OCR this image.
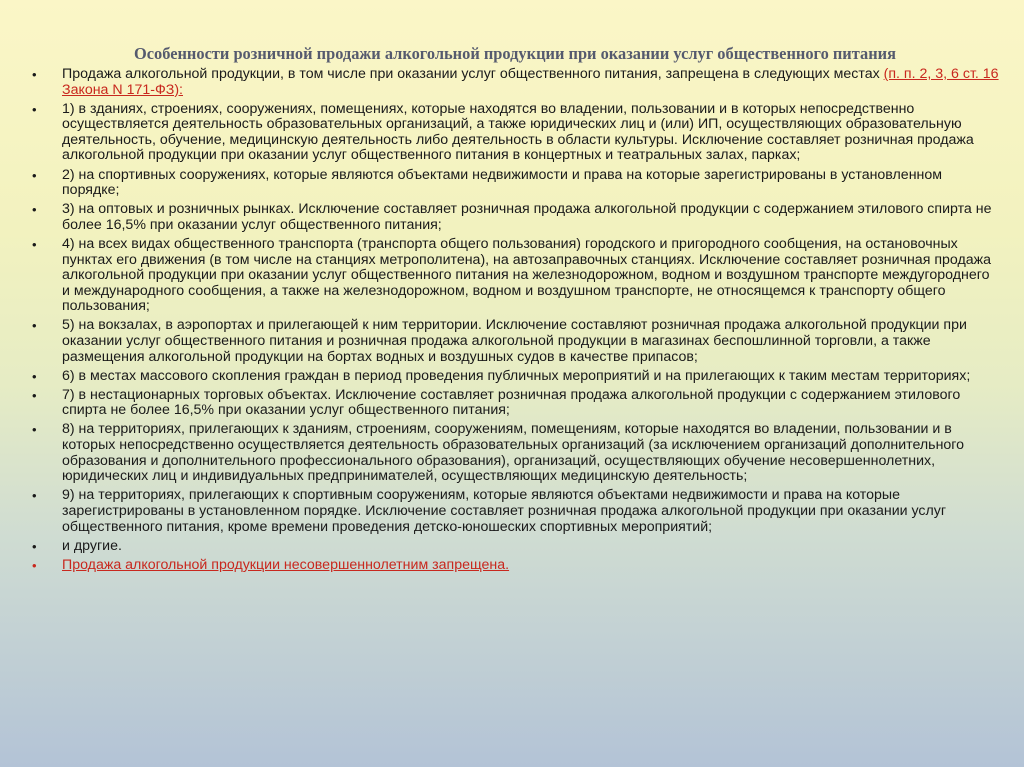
Особенности розничной продажи алкогольной продукции при оказании услуг общественного питания
• Продажа алкогольной продукции, в том числе при оказании услуг общественного питания, запрещена в следующих местах (п. п. 2, 3, 6 ст. 16 Закона N 171-ФЗ):
• 1) в зданиях, строениях, сооружениях, помещениях, которые находятся во владении, пользовании и в которых непосредственно осуществляется деятельность образовательных организаций, а также юридических лиц и (или) ИП, осуществляющих образовательную деятельность, обучение, медицинскую деятельность либо деятельность в области культуры. Исключение составляет розничная продажа алкогольной продукции при оказании услуг общественного питания в концертных и театральных залах, парках;
• 2) на спортивных сооружениях, которые являются объектами недвижимости и права на которые зарегистрированы в установленном порядке;
• 3) на оптовых и розничных рынках. Исключение составляет розничная продажа алкогольной продукции с содержанием этилового спирта не более 16,5% при оказании услуг общественного питания;
• 4) на всех видах общественного транспорта (транспорта общего пользования) городского и пригородного сообщения, на остановочных пунктах его движения (в том числе на станциях метрополитена), на автозаправочных станциях. Исключение составляет розничная продажа алкогольной продукции при оказании услуг общественного питания на железнодорожном, водном и воздушном транспорте междугороднего и международного сообщения, а также на железнодорожном, водном и воздушном транспорте, не относящемся к транспорту общего пользования;
• 5) на вокзалах, в аэропортах и прилегающей к ним территории. Исключение составляют розничная продажа алкогольной продукции при оказании услуг общественного питания и розничная продажа алкогольной продукции в магазинах беспошлинной торговли, а также размещения алкогольной продукции на бортах водных и воздушных судов в качестве припасов;
• 6) в местах массового скопления граждан в период проведения публичных мероприятий и на прилегающих к таким местам территориях;
• 7) в нестационарных торговых объектах. Исключение составляет розничная продажа алкогольной продукции с содержанием этилового спирта не более 16,5% при оказании услуг общественного питания;
• 8) на территориях, прилегающих к зданиям, строениям, сооружениям, помещениям, которые находятся во владении, пользовании и в которых непосредственно осуществляется деятельность образовательных организаций (за исключением организаций дополнительного образования и дополнительного профессионального образования), организаций, осуществляющих обучение несовершеннолетних, юридических лиц и индивидуальных предпринимателей, осуществляющих медицинскую деятельность;
• 9) на территориях, прилегающих к спортивным сооружениям, которые являются объектами недвижимости и права на которые зарегистрированы в установленном порядке. Исключение составляет розничная продажа алкогольной продукции при оказании услуг общественного питания, кроме времени проведения детско-юношеских спортивных мероприятий;
• и другие.
• Продажа алкогольной продукции несовершеннолетним запрещена.
